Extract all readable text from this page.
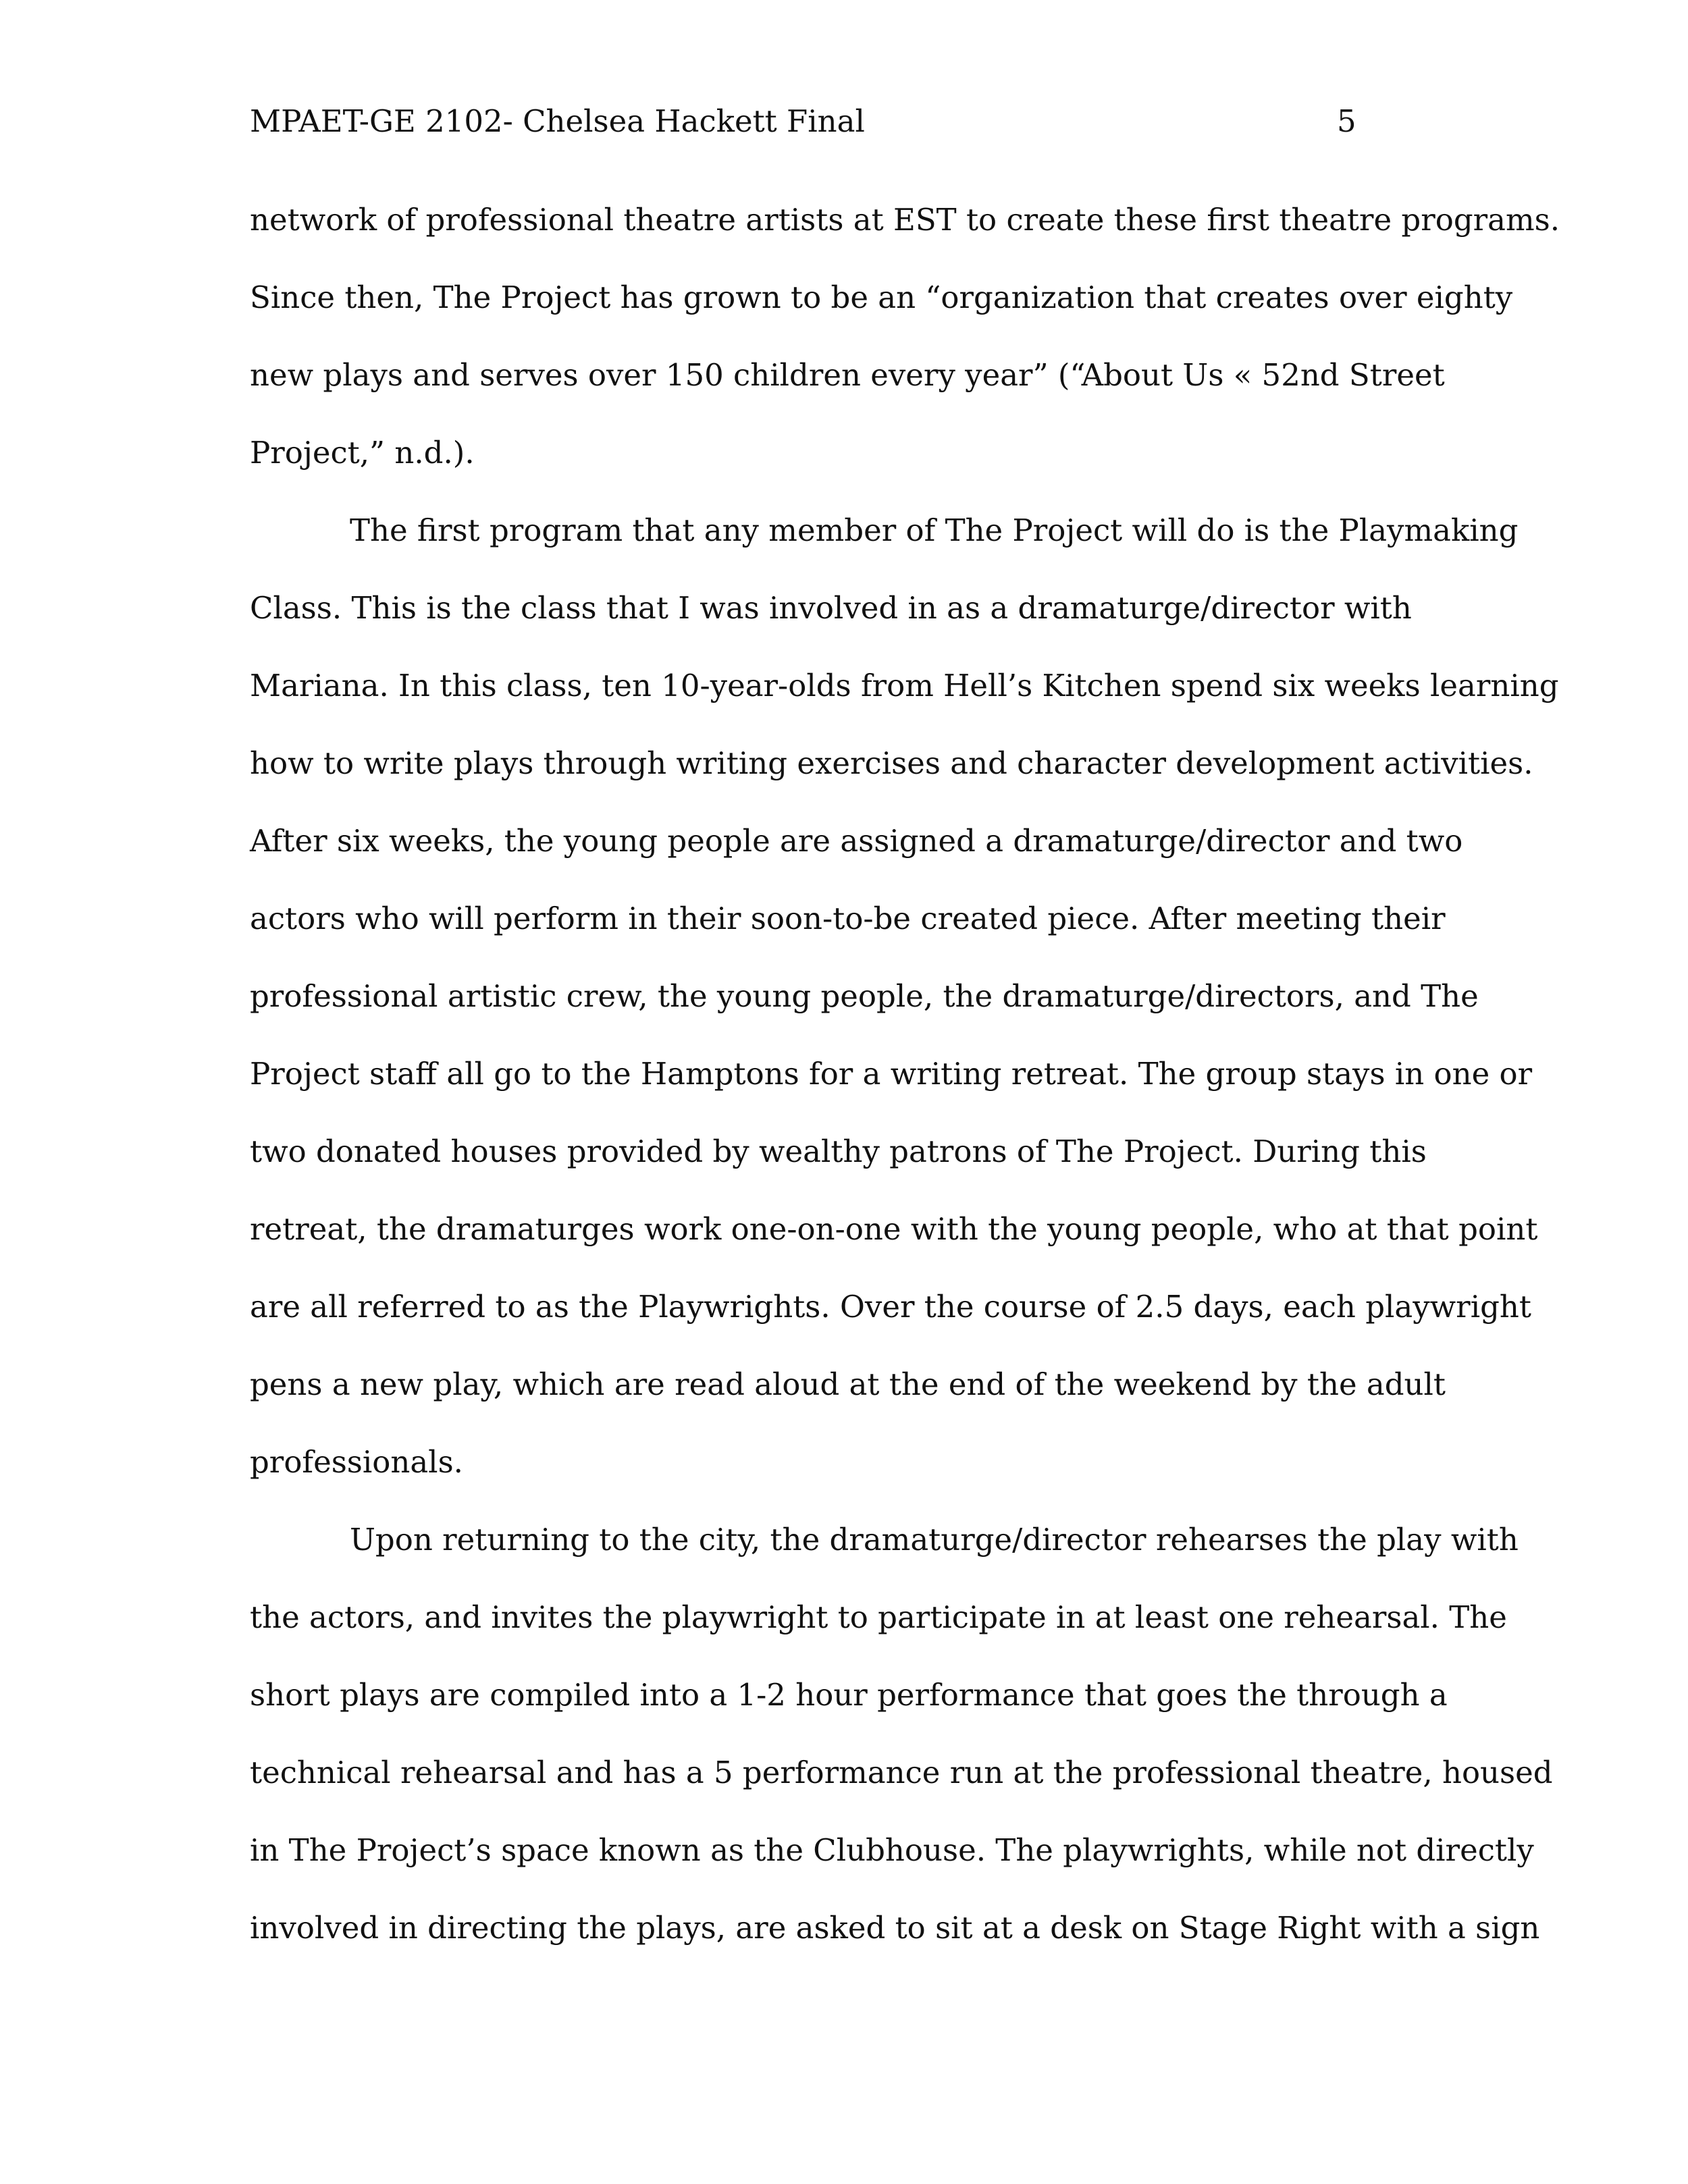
MPAET-GE 2102- Chelsea Hackett Final	5
network of professional theatre artists at EST to create these first theatre programs.
Since then, The Project has grown to be an “organization that creates over eighty
new plays and serves over 150 children every year” (“About Us « 52nd Street
Project,” n.d.).
The first program that any member of The Project will do is the Playmaking
Class. This is the class that I was involved in as a dramaturge/director with
Mariana. In this class, ten 10-year-olds from Hell’s Kitchen spend six weeks learning
how to write plays through writing exercises and character development activities.
After six weeks, the young people are assigned a dramaturge/director and two
actors who will perform in their soon-to-be created piece. After meeting their
professional artistic crew, the young people, the dramaturge/directors, and The
Project staff all go to the Hamptons for a writing retreat. The group stays in one or
two donated houses provided by wealthy patrons of The Project. During this
retreat, the dramaturges work one-on-one with the young people, who at that point
are all referred to as the Playwrights. Over the course of 2.5 days, each playwright
pens a new play, which are read aloud at the end of the weekend by the adult
professionals.
Upon returning to the city, the dramaturge/director rehearses the play with
the actors, and invites the playwright to participate in at least one rehearsal. The
short plays are compiled into a 1-2 hour performance that goes the through a
technical rehearsal and has a 5 performance run at the professional theatre, housed
in The Project’s space known as the Clubhouse. The playwrights, while not directly
involved in directing the plays, are asked to sit at a desk on Stage Right with a sign
